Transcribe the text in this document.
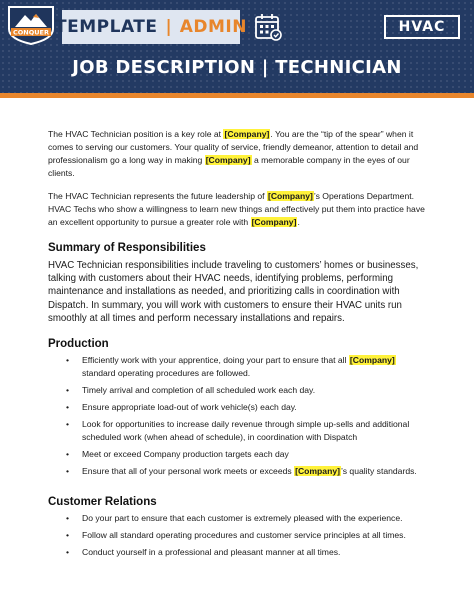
CONQUER TEMPLATE | ADMIN	HVAC
JOB DESCRIPTION | TECHNICIAN

The HVAC Technician position is a key role at [Company]. You are the “tip of the spear” when it comes to serving our customers. Your quality of service, friendly demeanor, attention to detail and professionalism go a long way in making [Company] a memorable company in the eyes of our clients.

The HVAC Technician represents the future leadership of [Company]’s Operations Department. HVAC Techs who show a willingness to learn new things and effectively put them into practice have an excellent opportunity to pursue a greater role with [Company].

Summary of Responsibilities

HVAC Technician responsibilities include traveling to customers’ homes or businesses, talking with customers about their HVAC needs, identifying problems, performing maintenance and installations as needed, and prioritizing calls in coordination with Dispatch. In summary, you will work with customers to ensure their HVAC units run smoothly at all times and perform necessary installations and repairs.

Production
• Efficiently work with your apprentice, doing your part to ensure that all [Company] standard operating procedures are followed.
• Timely arrival and completion of all scheduled work each day.
• Ensure appropriate load-out of work vehicle(s) each day.
• Look for opportunities to increase daily revenue through simple up-sells and additional scheduled work (when ahead of schedule), in coordination with Dispatch
• Meet or exceed Company production targets each day
• Ensure that all of your personal work meets or exceeds [Company]’s quality standards.
Customer Relations
• Do your part to ensure that each customer is extremely pleased with the experience.
• Follow all standard operating procedures and customer service principles at all times.
• Conduct yourself in a professional and pleasant manner at all times.
